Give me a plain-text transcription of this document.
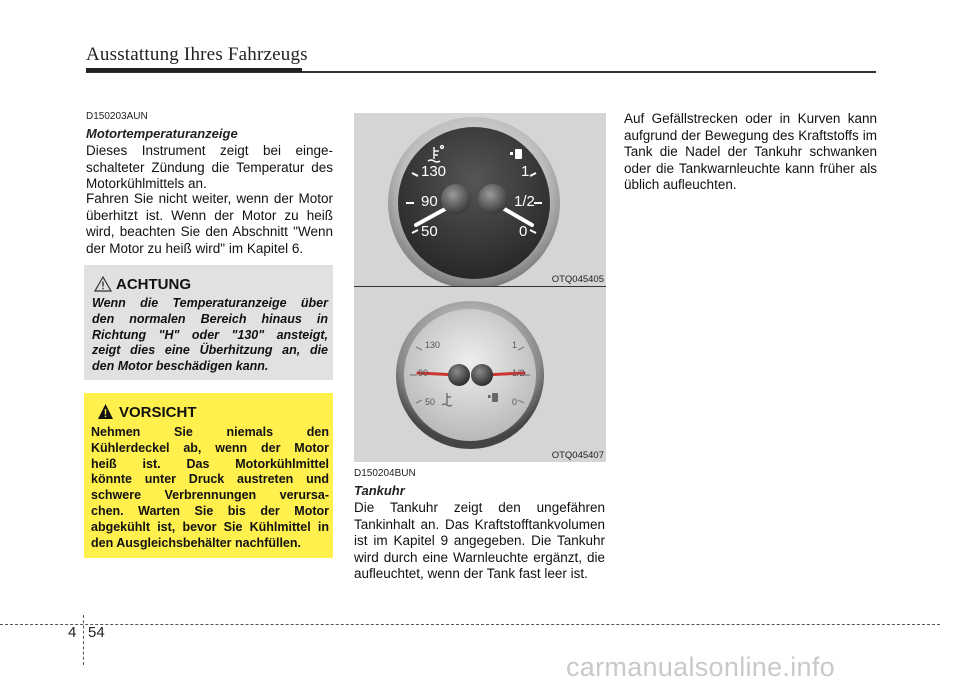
Ausstattung Ihres Fahrzeugs
D150203AUN
Motortemperaturanzeige

Dieses Instrument zeigt bei einge-schalteter Zündung die Temperatur des Motorkühlmittels an.

Fahren Sie nicht weiter, wenn der Motor überhitzt ist. Wenn der Motor zu heiß wird, beachten Sie den Abschnitt "Wenn der Motor zu heiß wird" im Kapitel 6.

ACHTUNG
Wenn die Temperaturanzeige über
den normalen Bereich hinaus in
Richtung "H" oder "130" ansteigt,
zeigt dies eine Überhitzung an, die
den Motor beschädigen kann.
VORSICHT
Nehmen Sie niemals den
Kühlerdeckel ab, wenn der Motor
heiß ist. Das Motorkühlmittel
könnte unter Druck austreten und
schwere Verbrennungen verursa-
chen. Warten Sie bis der Motor
abgekühlt ist, bevor Sie Kühlmittel in
den Ausgleichsbehälter nachfüllen.
130
90
50
1
1/2
0
OTQ045405
130
90
50
1
1/2
0
OTQ045407
D150204BUN
Tankuhr

Die Tankuhr zeigt den ungefähren Tankinhalt an. Das Kraftstofftankvolumen ist im Kapitel 9 angegeben. Die Tankuhr wird durch eine Warnleuchte ergänzt, die aufleuchtet, wenn der Tank fast leer ist.

Auf Gefällstrecken oder in Kurven kann aufgrund der Bewegung des Kraftstoffs im Tank die Nadel der Tankuhr schwanken oder die Tankwarnleuchte kann früher als üblich aufleuchten.

4 54
carmanualsonline.info
